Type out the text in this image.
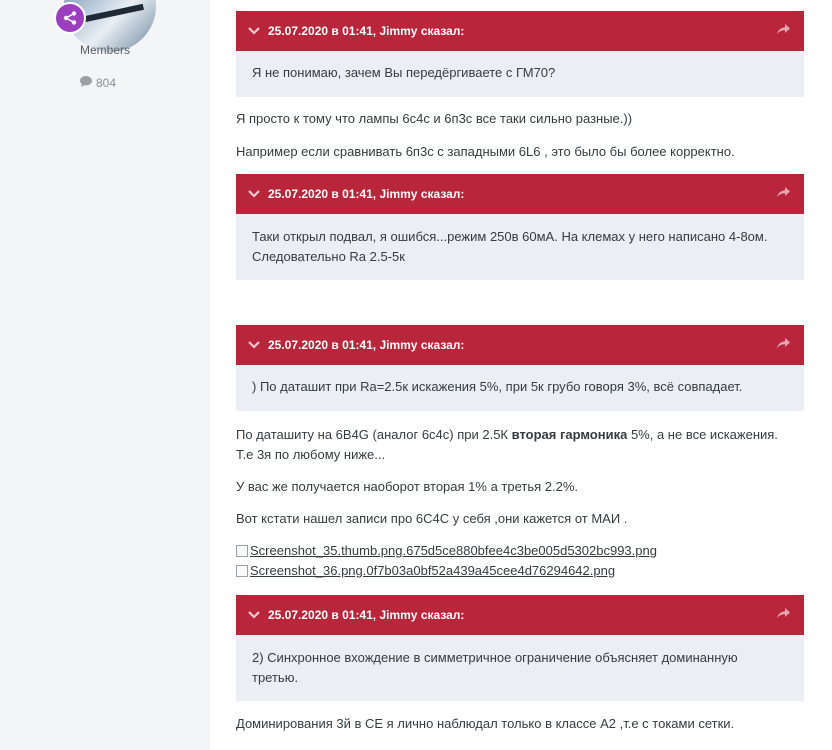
Members
804
25.07.2020 в 01:41, Jimmy сказал:
Я не понимаю, зачем Вы передёргиваете с ГМ70?
Я просто к тому что лампы 6с4с и 6п3с все таки сильно разные.))
Например если сравнивать 6п3с с западными 6L6 , это было бы более корректно.
25.07.2020 в 01:41, Jimmy сказал:
Таки открыл подвал, я ошибся...режим 250в 60мА. На клемах у него написано 4-8ом.
Следовательно Ra 2.5-5к
25.07.2020 в 01:41, Jimmy сказал:
) По даташит при Ra=2.5к искажения 5%, при 5к грубо говоря 3%, всё совпадает.
По даташиту на 6В4G (аналог 6с4с) при 2.5К вторая гармоника 5%, а не все искажения.
Т.е 3я по любому ниже...
У вас же получается наоборот вторая 1% а третья 2.2%.
Вот кстати нашел записи про 6С4С у себя ,они кажется от МАИ .
Screenshot_35.thumb.png.675d5ce880bfee4c3be005d5302bc993.png
Screenshot_36.png.0f7b03a0bf52a439a45cee4d76294642.png
25.07.2020 в 01:41, Jimmy сказал:
2) Синхронное вхождение в симметричное ограничение объясняет доминанную
третью.
Доминирования 3й в СЕ я лично наблюдал только в классе А2 ,т.е с токами сетки.
